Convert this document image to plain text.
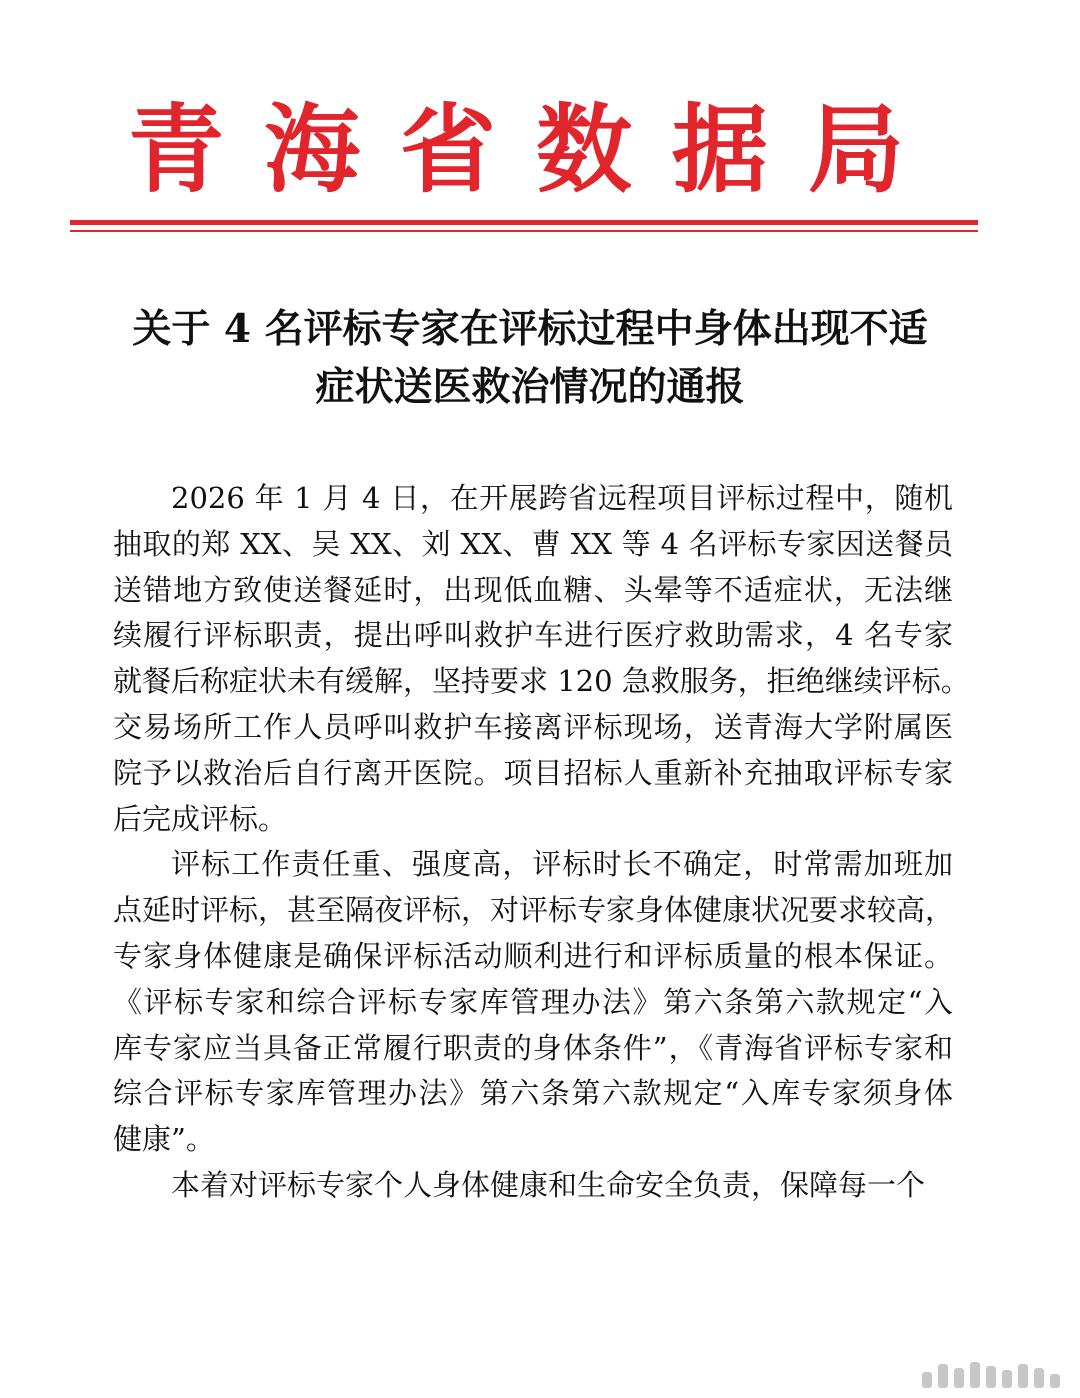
青海省数据局
关于 4 名评标专家在评标过程中身体出现不适
症状送医救治情况的通报
2026 年 1 月 4 日，在开展跨省远程项目评标过程中，随机
抽取的郑 XX、吴 XX、刘 XX、曹 XX 等 4 名评标专家因送餐员
送错地方致使送餐延时，出现低血糖、头晕等不适症状，无法继
续履行评标职责，提出呼叫救护车进行医疗救助需求，4 名专家
就餐后称症状未有缓解，坚持要求 120 急救服务，拒绝继续评标。
交易场所工作人员呼叫救护车接离评标现场，送青海大学附属医
院予以救治后自行离开医院。项目招标人重新补充抽取评标专家
后完成评标。
评标工作责任重、强度高，评标时长不确定，时常需加班加
点延时评标，甚至隔夜评标，对评标专家身体健康状况要求较高，
专家身体健康是确保评标活动顺利进行和评标质量的根本保证。
《评标专家和综合评标专家库管理办法》第六条第六款规定“入
库专家应当具备正常履行职责的身体条件”，《青海省评标专家和
综合评标专家库管理办法》第六条第六款规定“入库专家须身体
健康”。
本着对评标专家个人身体健康和生命安全负责，保障每一个
